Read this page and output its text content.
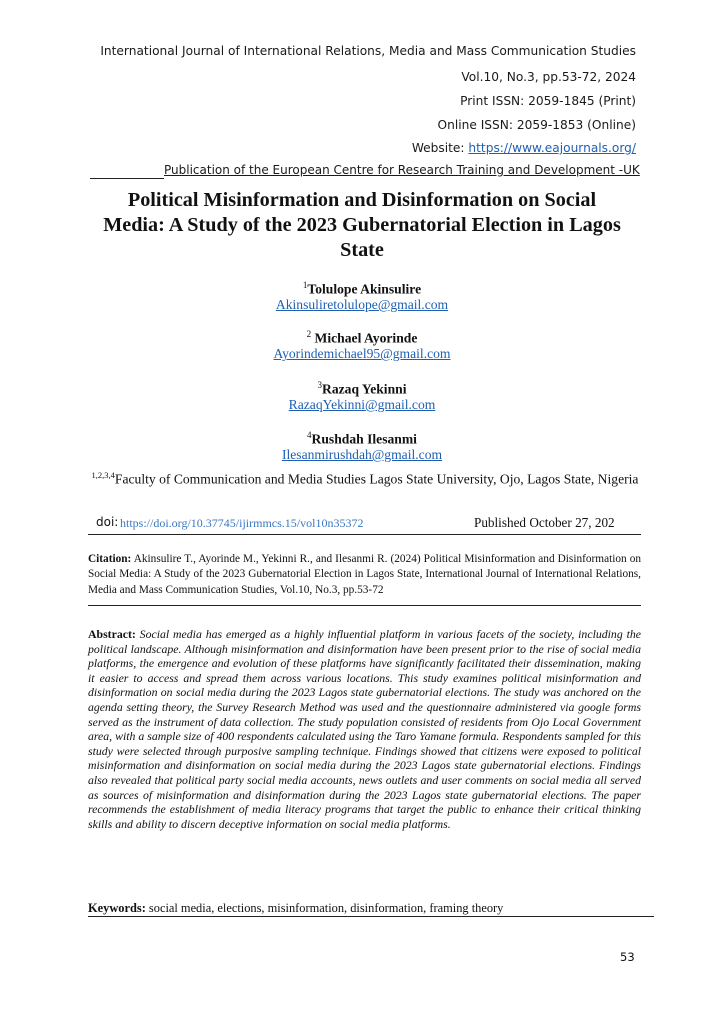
International Journal of International Relations, Media and Mass Communication Studies
Vol.10, No.3, pp.53-72, 2024
Print ISSN: 2059-1845 (Print)
Online ISSN: 2059-1853 (Online)
Website: https://www.eajournals.org/
Publication of the European Centre for Research Training and Development -UK
Political Misinformation and Disinformation on Social Media: A Study of the 2023 Gubernatorial Election in Lagos State
$^1$Tolulope Akinsulire
Akinsuliretolulope@gmail.com
$^2$ Michael Ayorinde
Ayorindemichael95@gmail.com
$^3$Razaq Yekinni
RazaqYekinni@gmail.com
$^4$Rushdah Ilesanmi
Ilesanmirushdah@gmail.com
$^{1,2,3,4}$Faculty of Communication and Media Studies Lagos State University, Ojo, Lagos State, Nigeria
doi: https://doi.org/10.37745/ijirmmcs.15/vol10n35372	Published October 27, 202
Citation: Akinsulire T., Ayorinde M., Yekinni R., and Ilesanmi R. (2024) Political Misinformation and Disinformation on Social Media: A Study of the 2023 Gubernatorial Election in Lagos State, International Journal of International Relations, Media and Mass Communication Studies, Vol.10, No.3, pp.53-72
Abstract: Social media has emerged as a highly influential platform in various facets of the society, including the political landscape. Although misinformation and disinformation have been present prior to the rise of social media platforms, the emergence and evolution of these platforms have significantly facilitated their dissemination, making it easier to access and spread them across various locations. This study examines political misinformation and disinformation on social media during the 2023 Lagos state gubernatorial elections. The study was anchored on the agenda setting theory, the Survey Research Method was used and the questionnaire administered via google forms served as the instrument of data collection. The study population consisted of residents from Ojo Local Government area, with a sample size of 400 respondents calculated using the Taro Yamane formula. Respondents sampled for this study were selected through purposive sampling technique. Findings showed that citizens were exposed to political misinformation and disinformation on social media during the 2023 Lagos state gubernatorial elections. Findings also revealed that political party social media accounts, news outlets and user comments on social media all served as sources of misinformation and disinformation during the 2023 Lagos state gubernatorial elections. The paper recommends the establishment of media literacy programs that target the public to enhance their critical thinking skills and ability to discern deceptive information on social media platforms.
Keywords: social media, elections, misinformation, disinformation, framing theory
53
